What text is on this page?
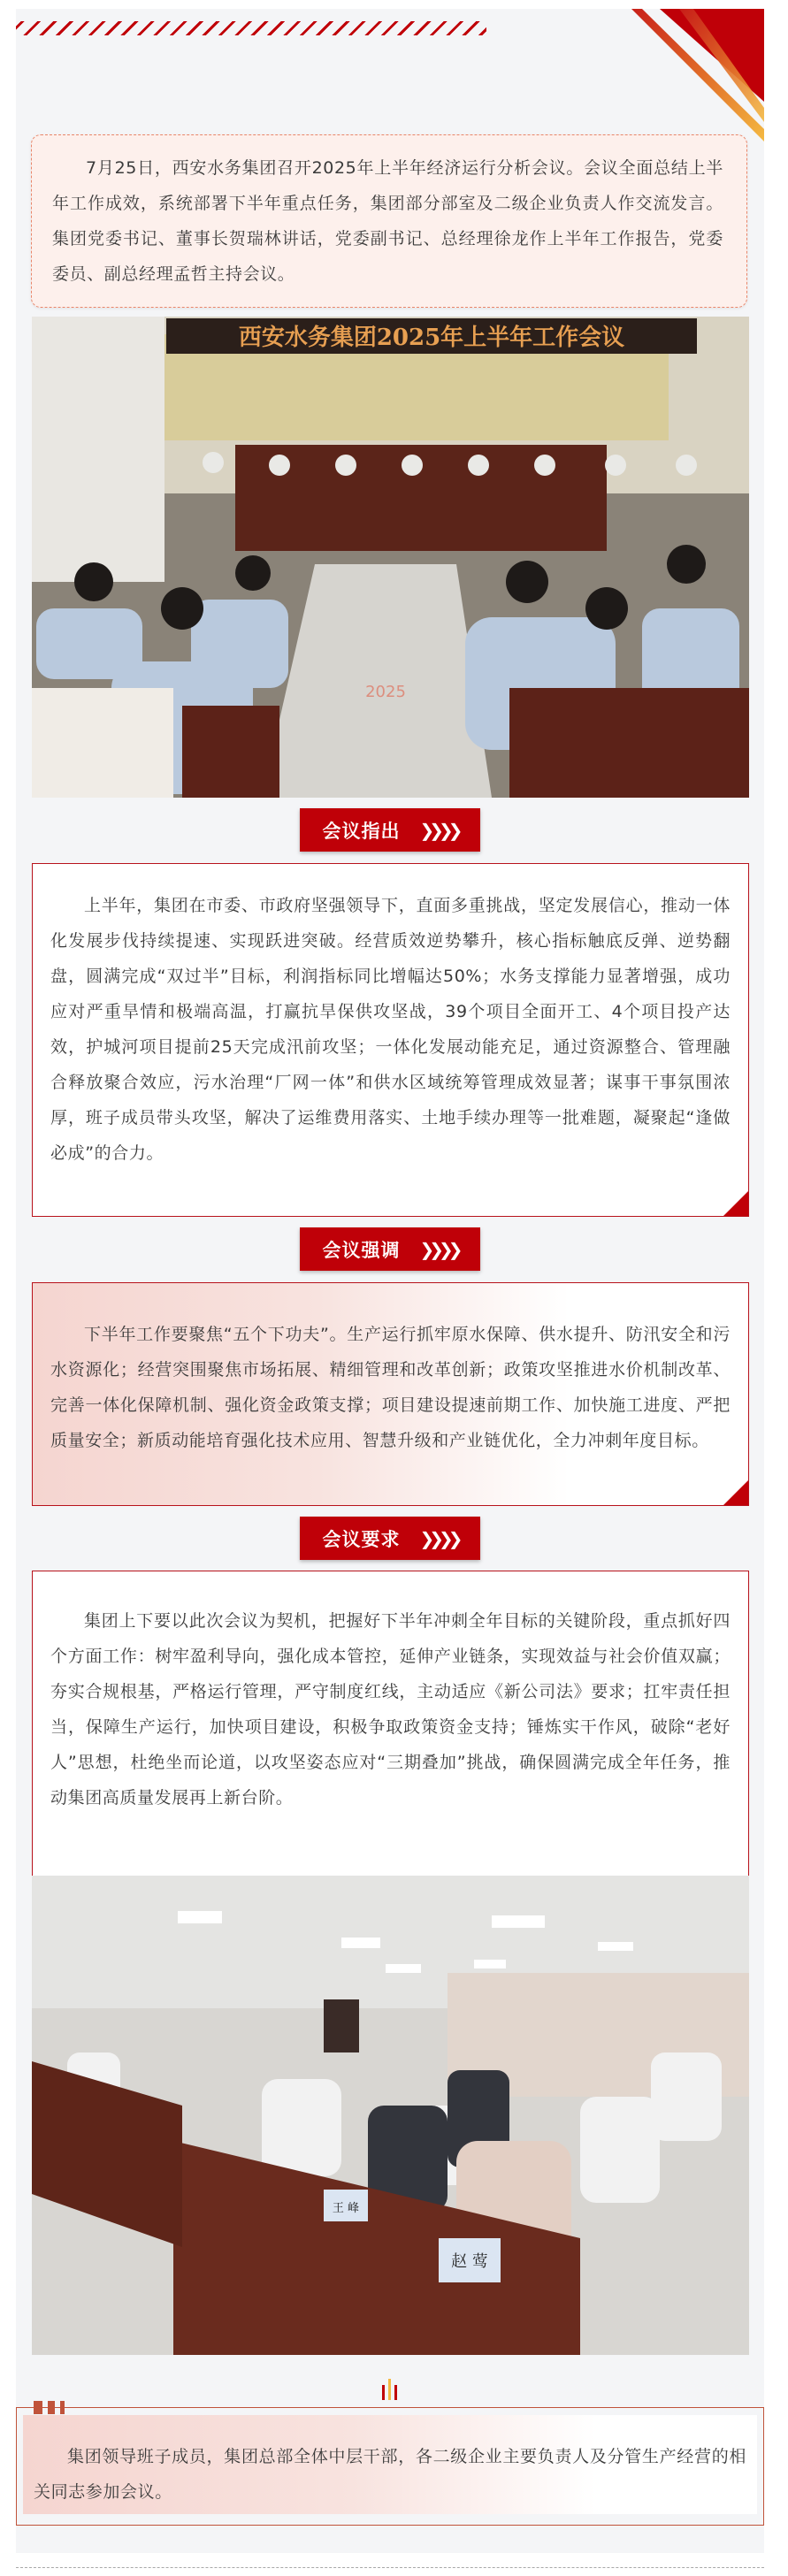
7月25日，西安水务集团召开2025年上半年经济运行分析会议。会议全面总结上半年工作成效，系统部署下半年重点任务，集团部分部室及二级企业负责人作交流发言。集团党委书记、董事长贺瑞林讲话，党委副书记、总经理徐龙作上半年工作报告，党委委员、副总经理孟哲主持会议。

西安水务集团2025年上半年工作会议
2025
会议指出 ❯❯❯❯

上半年，集团在市委、市政府坚强领导下，直面多重挑战，坚定发展信心，推动一体化发展步伐持续提速、实现跃进突破。经营质效逆势攀升，核心指标触底反弹、逆势翻盘，圆满完成“双过半”目标，利润指标同比增幅达50%；水务支撑能力显著增强，成功应对严重旱情和极端高温，打赢抗旱保供攻坚战，39个项目全面开工、4个项目投产达效，护城河项目提前25天完成汛前攻坚；一体化发展动能充足，通过资源整合、管理融合释放聚合效应，污水治理“厂网一体”和供水区域统筹管理成效显著；谋事干事氛围浓厚，班子成员带头攻坚，解决了运维费用落实、土地手续办理等一批难题，凝聚起“逢做必成”的合力。

会议强调 ❯❯❯❯

下半年工作要聚焦“五个下功夫”。生产运行抓牢原水保障、供水提升、防汛安全和污水资源化；经营突围聚焦市场拓展、精细管理和改革创新；政策攻坚推进水价机制改革、完善一体化保障机制、强化资金政策支撑；项目建设提速前期工作、加快施工进度、严把质量安全；新质动能培育强化技术应用、智慧升级和产业链优化，全力冲刺年度目标。

会议要求 ❯❯❯❯

集团上下要以此次会议为契机，把握好下半年冲刺全年目标的关键阶段，重点抓好四个方面工作：树牢盈利导向，强化成本管控，延伸产业链条，实现效益与社会价值双赢；夯实合规根基，严格运行管理，严守制度红线，主动适应《新公司法》要求；扛牢责任担当，保障生产运行，加快项目建设，积极争取政策资金支持；锤炼实干作风，破除“老好人”思想，杜绝坐而论道，以攻坚姿态应对“三期叠加”挑战，确保圆满完成全年任务，推动集团高质量发展再上新台阶。

赵 莺
王 峰

集团领导班子成员，集团总部全体中层干部，各二级企业主要负责人及分管生产经营的相关同志参加会议。
